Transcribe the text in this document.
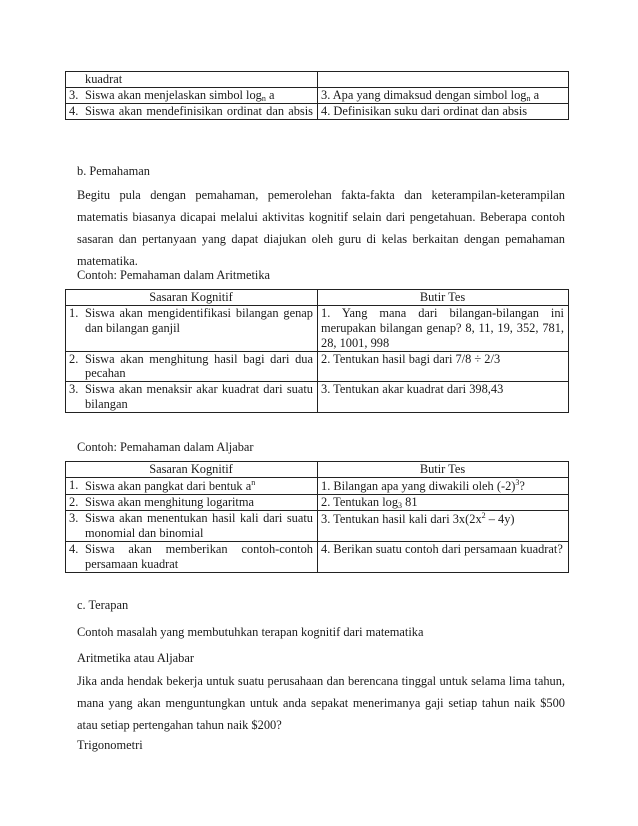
kuadrat	

3. Siswa akan menjelaskan simbol $\log_n a$	3. Apa yang dimaksud dengan simbol $\log_n a$

4. Siswa akan mendefinisikan ordinat dan absis	4. Definisikan suku dari ordinat dan absis
b. Pemahaman

Begitu pula dengan pemahaman, pemerolehan fakta-fakta dan keterampilan-keterampilan matematis biasanya dicapai melalui aktivitas kognitif selain dari pengetahuan. Beberapa contoh sasaran dan pertanyaan yang dapat diajukan oleh guru di kelas berkaitan dengan pemahaman matematika.

Contoh: Pemahaman dalam Aritmetika
Sasaran Kognitif	Butir Tes

1. Siswa akan mengidentifikasi bilangan genap dan bilangan ganjil	1. Yang mana dari bilangan-bilangan ini merupakan bilangan genap? 8, 11, 19, 352, 781, 28, 1001, 998

2. Siswa akan menghitung hasil bagi dari dua pecahan	2. Tentukan hasil bagi dari 7/8 ÷ 2/3

3. Siswa akan menaksir akar kuadrat dari suatu bilangan	3. Tentukan akar kuadrat dari 398,43
Contoh: Pemahaman dalam Aljabar
Sasaran Kognitif	Butir Tes

1. Siswa akan pangkat dari bentuk $a^n$	1. Bilangan apa yang diwakili oleh $(-2)^3$?

2. Siswa akan menghitung logaritma	2. Tentukan $\log_3 81$

3. Siswa akan menentukan hasil kali dari suatu monomial dan binomial	3. Tentukan hasil kali dari $3x(2x^2 - 4y)$

4. Siswa akan memberikan contoh-contoh persamaan kuadrat	4. Berikan suatu contoh dari persamaan kuadrat?
c. Terapan
Contoh masalah yang membutuhkan terapan kognitif dari matematika
Aritmetika atau Aljabar

Jika anda hendak bekerja untuk suatu perusahaan dan berencana tinggal untuk selama lima tahun, mana yang akan menguntungkan untuk anda sepakat menerimanya gaji setiap tahun naik $500 atau setiap pertengahan tahun naik $200?

Trigonometri
